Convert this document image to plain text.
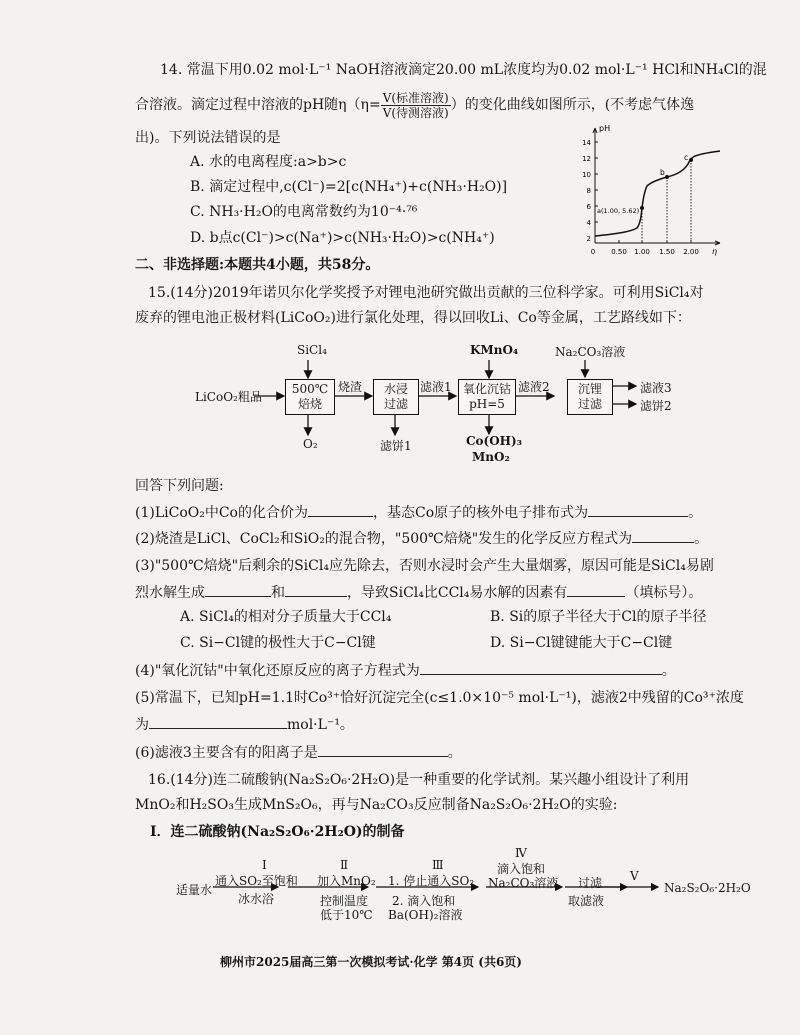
14. 常温下用0.02 mol·L⁻¹ NaOH溶液滴定20.00 mL浓度均为0.02 mol·L⁻¹ HCl和NH₄Cl的混
合溶液。滴定过程中溶液的pH随$\eta(\eta= \frac{\text{V(标准溶液)}}{\text{V(待测溶液)}}$ ）的变化曲线如图所示，(不考虑气体逸
出)。下列说法错误的是
A. 水的电离程度:a>b>c
B. 滴定过程中,c(Cl⁻)=2[c(NH₄⁺)+c(NH₃·H₂O)]
C. NH₃·H₂O的电离常数约为10⁻⁴·⁷⁶
D. b点c(Cl⁻)>c(Na⁺)>c(NH₃·H₂O)>c(NH₄⁺)
pH
14
12
10
8
6
4
2
0 0.50 1.00 1.50 2.00 η
a(1.00, 5.62)
b
c
二、非选择题:本题共4小题，共58分。
15.(14分)2019年诺贝尔化学奖授予对锂电池研究做出贡献的三位科学家。可利用SiCl₄对
废弃的锂电池正极材料(LiCoO₂)进行氯化处理，得以回收Li、Co等金属，工艺路线如下：
LiCoO₂粗品
SiCl₄
500℃
焙烧
O₂
烧渣	水浸
过滤
滤饼1
滤液1
KMnO₄
氧化沉钴
pH=5
Co(OH)₃
MnO₂
滤液2
Na₂CO₃溶液
沉锂
过滤
滤液3
滤饼2
回答下列问题:
(1)LiCoO₂中Co的化合价为	，基态Co原子的核外电子排布式为	。
(2)烧渣是LiCl、CoCl₂和SiO₂的混合物，"500℃焙烧"发生的化学反应方程式为	。
(3)"500℃焙烧"后剩余的SiCl₄应先除去，否则水浸时会产生大量烟雾，原因可能是SiCl₄易剧
烈水解生成	和	，导致SiCl₄比CCl₄易水解的因素有	（填标号）。
A. SiCl₄的相对分子质量大于CCl₄	B. Si的原子半径大于Cl的原子半径
C. Si−Cl键的极性大于C−Cl键	D. Si−Cl键键能大于C−Cl键
(4)"氧化沉钴"中氧化还原反应的离子方程式为	。
(5)常温下，已知pH=1.1时Co³⁺恰好沉淀完全(c≤1.0×10⁻⁵ mol·L⁻¹)，滤液2中残留的Co³⁺浓度
为	mol·L⁻¹。
(6)滤液3主要含有的阳离子是	。
16.(14分)连二硫酸钠(Na₂S₂O₆·2H₂O)是一种重要的化学试剂。某兴趣小组设计了利用
MnO₂和H₂SO₃生成MnS₂O₆，再与Na₂CO₃反应制备Na₂S₂O₆·2H₂O的实验:
Ⅰ．连二硫酸钠(Na₂S₂O₆·2H₂O)的制备
适量水
Ⅰ
通入SO₂至饱和
冰水浴
Ⅱ
加入MnO₂
控制温度
低于10℃
Ⅲ
1. 停止通入SO₂
2. 滴入饱和
Ba(OH)₂溶液
Ⅳ
滴入饱和
Na₂CO₃溶液 过滤
取滤液
Ⅴ
Na₂S₂O₆·2H₂O
柳州市2025届高三第一次模拟考试·化学 第4页 (共6页)
